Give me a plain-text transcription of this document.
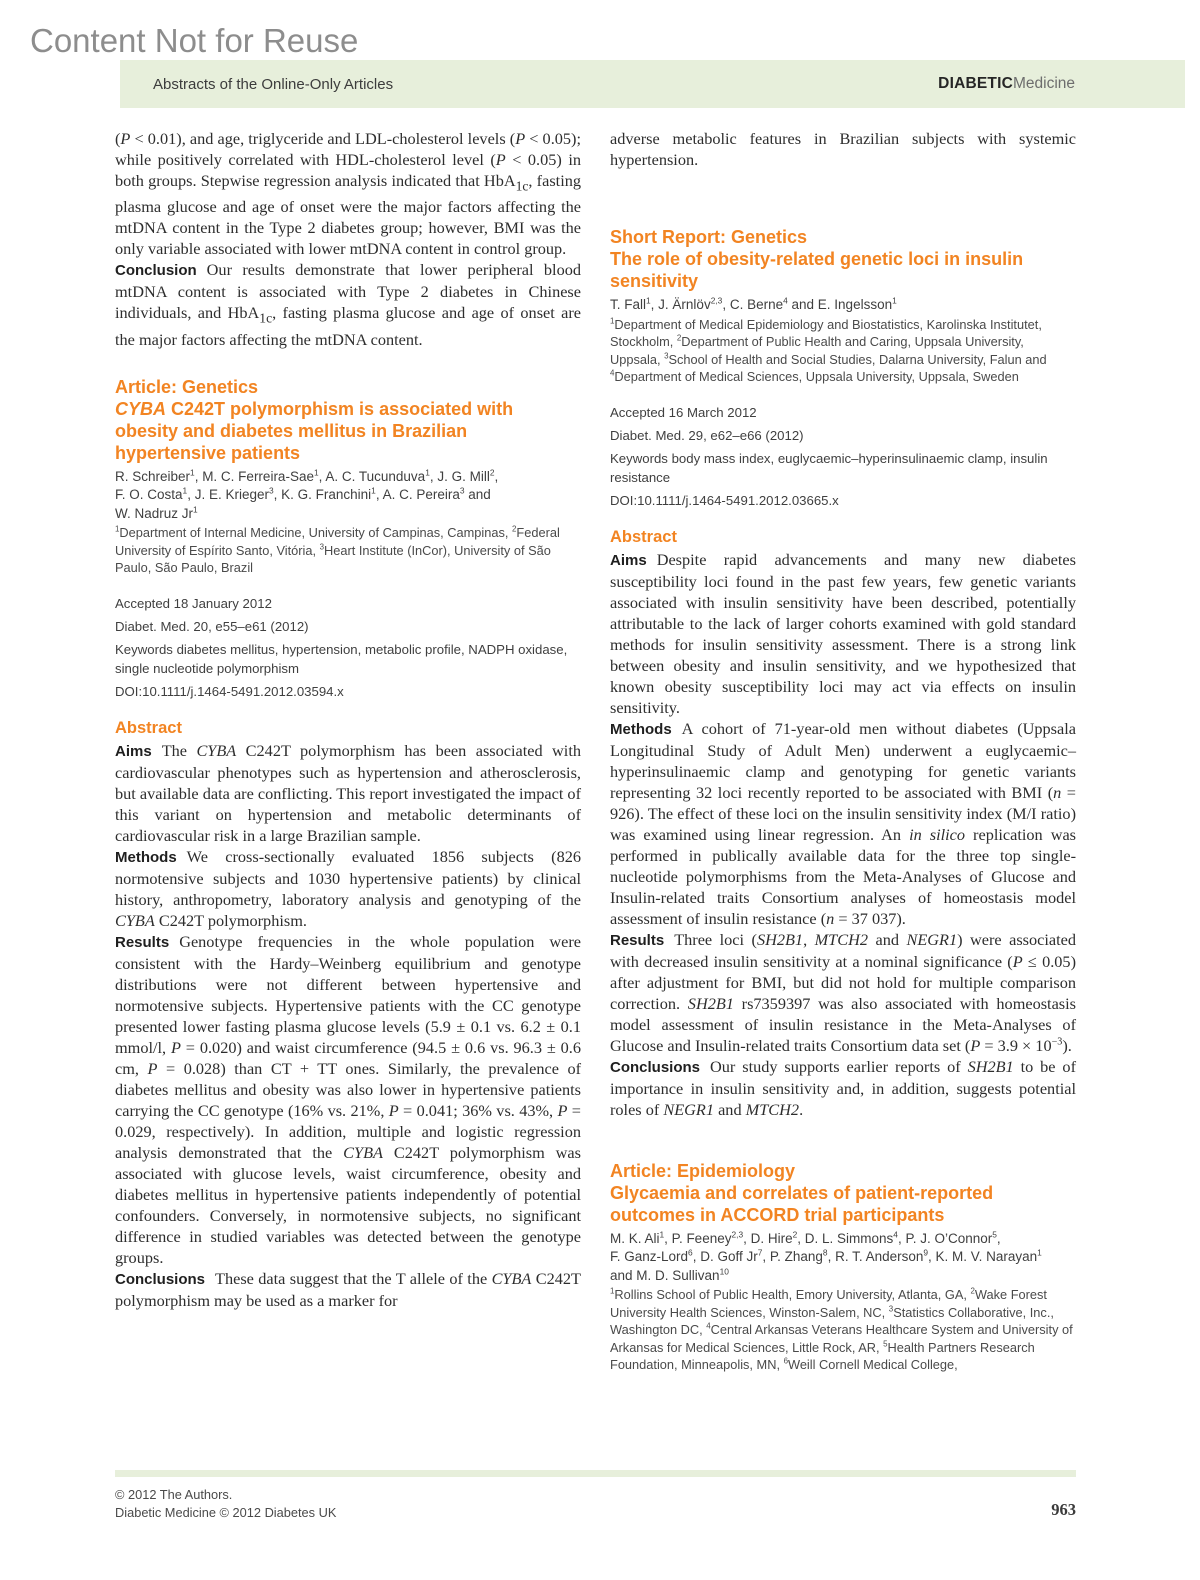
Content Not for Reuse
Abstracts of the Online-Only Articles	DIABETICMedicine

(P < 0.01), and age, triglyceride and LDL-cholesterol levels (P < 0.05); while positively correlated with HDL-cholesterol level (P < 0.05) in both groups. Stepwise regression analysis indicated that HbA$_{1c}$, fasting plasma glucose and age of onset were the major factors affecting the mtDNA content in the Type 2 diabetes group; however, BMI was the only variable associated with lower mtDNA content in control group.

Conclusion Our results demonstrate that lower peripheral blood mtDNA content is associated with Type 2 diabetes in Chinese individuals, and HbA$_{1c}$, fasting plasma glucose and age of onset are the major factors affecting the mtDNA content.

Article: Genetics
CYBA C242T polymorphism is associated with obesity and diabetes mellitus in Brazilian hypertensive patients

R. Schreiber$^1$, M. C. Ferreira-Sae$^1$, A. C. Tucunduva$^1$, J. G. Mill$^2$,
F. O. Costa$^1$, J. E. Krieger$^3$, K. G. Franchini$^1$, A. C. Pereira$^3$ and
W. Nadruz Jr$^1$

$^1$Department of Internal Medicine, University of Campinas, Campinas, $^2$Federal University of Espírito Santo, Vitória, $^3$Heart Institute (InCor), University of São Paulo, São Paulo, Brazil

Accepted 18 January 2012

Diabet. Med. 20, e55–e61 (2012)

Keywords diabetes mellitus, hypertension, metabolic profile, NADPH oxidase, single nucleotide polymorphism

DOI:10.1111/j.1464-5491.2012.03594.x

Abstract

Aims The CYBA C242T polymorphism has been associated with cardiovascular phenotypes such as hypertension and atherosclerosis, but available data are conflicting. This report investigated the impact of this variant on hypertension and metabolic determinants of cardiovascular risk in a large Brazilian sample.

Methods We cross-sectionally evaluated 1856 subjects (826 normotensive subjects and 1030 hypertensive patients) by clinical history, anthropometry, laboratory analysis and genotyping of the CYBA C242T polymorphism.

Results Genotype frequencies in the whole population were consistent with the Hardy–Weinberg equilibrium and genotype distributions were not different between hypertensive and normotensive subjects. Hypertensive patients with the CC genotype presented lower fasting plasma glucose levels (5.9 ± 0.1 vs. 6.2 ± 0.1 mmol/l, P = 0.020) and waist circumference (94.5 ± 0.6 vs. 96.3 ± 0.6 cm, P = 0.028) than CT + TT ones. Similarly, the prevalence of diabetes mellitus and obesity was also lower in hypertensive patients carrying the CC genotype (16% vs. 21%, P = 0.041; 36% vs. 43%, P = 0.029, respectively). In addition, multiple and logistic regression analysis demonstrated that the CYBA C242T polymorphism was associated with glucose levels, waist circumference, obesity and diabetes mellitus in hypertensive patients independently of potential confounders. Conversely, in normotensive subjects, no significant difference in studied variables was detected between the genotype groups.

Conclusions These data suggest that the T allele of the CYBA C242T polymorphism may be used as a marker for

adverse metabolic features in Brazilian subjects with systemic hypertension.

Short Report: Genetics
The role of obesity-related genetic loci in insulin sensitivity

T. Fall$^1$, J. Ärnlöv$^{2,3}$, C. Berne$^4$ and E. Ingelsson$^1$

$^1$Department of Medical Epidemiology and Biostatistics, Karolinska Institutet, Stockholm, $^2$Department of Public Health and Caring, Uppsala University, Uppsala, $^3$School of Health and Social Studies, Dalarna University, Falun and $^4$Department of Medical Sciences, Uppsala University, Uppsala, Sweden

Accepted 16 March 2012

Diabet. Med. 29, e62–e66 (2012)

Keywords body mass index, euglycaemic–hyperinsulinaemic clamp, insulin resistance

DOI:10.1111/j.1464-5491.2012.03665.x

Abstract

Aims Despite rapid advancements and many new diabetes susceptibility loci found in the past few years, few genetic variants associated with insulin sensitivity have been described, potentially attributable to the lack of larger cohorts examined with gold standard methods for insulin sensitivity assessment. There is a strong link between obesity and insulin sensitivity, and we hypothesized that known obesity susceptibility loci may act via effects on insulin sensitivity.

Methods A cohort of 71-year-old men without diabetes (Uppsala Longitudinal Study of Adult Men) underwent a euglycaemic–hyperinsulinaemic clamp and genotyping for genetic variants representing 32 loci recently reported to be associated with BMI (n = 926). The effect of these loci on the insulin sensitivity index (M/I ratio) was examined using linear regression. An in silico replication was performed in publically available data for the three top single-nucleotide polymorphisms from the Meta-Analyses of Glucose and Insulin-related traits Consortium analyses of homeostasis model assessment of insulin resistance (n = 37 037).

Results Three loci (SH2B1, MTCH2 and NEGR1) were associated with decreased insulin sensitivity at a nominal significance (P ≤ 0.05) after adjustment for BMI, but did not hold for multiple comparison correction. SH2B1 rs7359397 was also associated with homeostasis model assessment of insulin resistance in the Meta-Analyses of Glucose and Insulin-related traits Consortium data set $(P = 3.9 \times 10^{-3})$.

Conclusions Our study supports earlier reports of SH2B1 to be of importance in insulin sensitivity and, in addition, suggests potential roles of NEGR1 and MTCH2.

Article: Epidemiology
Glycaemia and correlates of patient-reported outcomes in ACCORD trial participants

M. K. Ali$^1$, P. Feeney$^{2,3}$, D. Hire$^2$, D. L. Simmons$^4$, P. J. O’Connor$^5$,
F. Ganz-Lord$^6$, D. Goff Jr$^7$, P. Zhang$^8$, R. T. Anderson$^9$, K. M. V. Narayan$^1$
and M. D. Sullivan$^{10}$

$^1$Rollins School of Public Health, Emory University, Atlanta, GA, $^2$Wake Forest University Health Sciences, Winston-Salem, NC, $^3$Statistics Collaborative, Inc., Washington DC, $^4$Central Arkansas Veterans Healthcare System and University of Arkansas for Medical Sciences, Little Rock, AR, $^5$Health Partners Research Foundation, Minneapolis, MN, $^6$Weill Cornell Medical College,

© 2012 The Authors.

Diabetic Medicine © 2012 Diabetes UK	963
